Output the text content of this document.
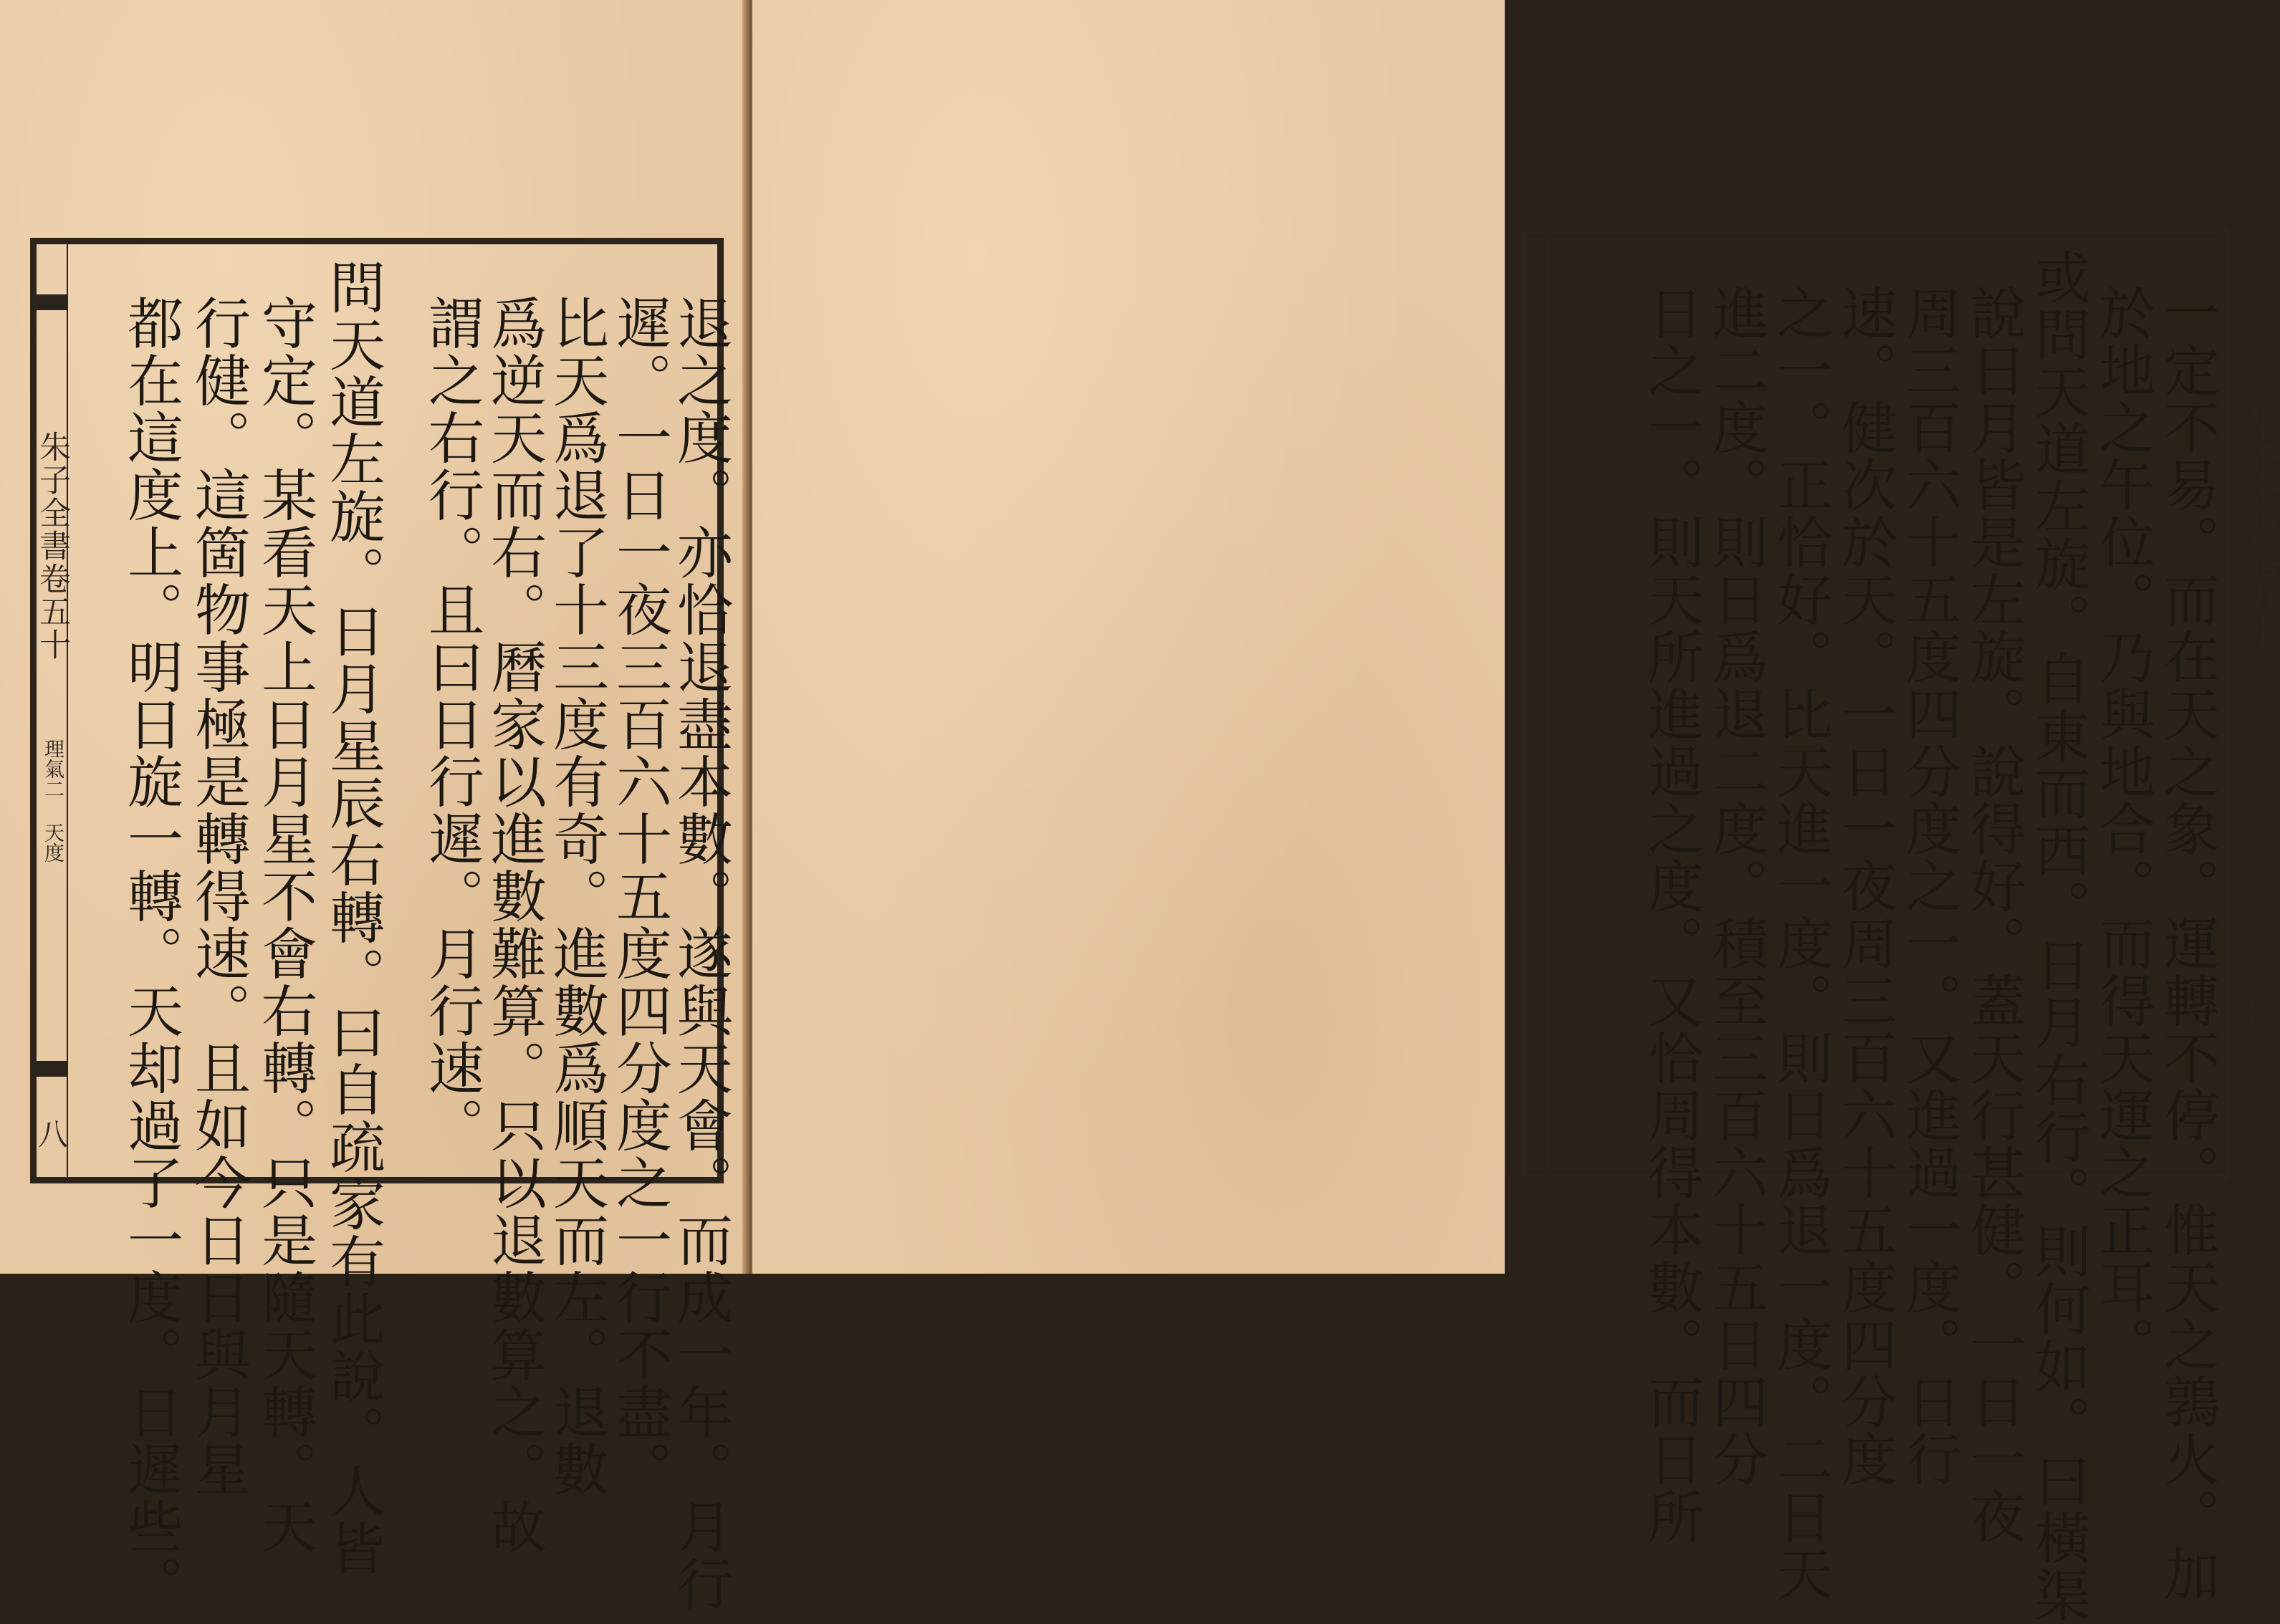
朱子全書卷五十
理氣二 天度
八	退之度。亦恰退盡本數。遂與天會。而成一年。月行
遲。一日一夜三百六十五度四分度之一行不盡。
比天爲退了十三度有奇。進數爲順天而左。退數
爲逆天而右。曆家以進數難算。只以退數算之。故
謂之右行。且曰日行遲。月行速。
問天道左旋。日月星辰右轉。曰自疏家有此說。人皆
守定。某看天上日月星不會右轉。只是隨天轉。天
行健。這箇物事極是轉得速。且如今日日與月星
都在這度上。明日旋一轉。天却過了一度。日遲些。	一定不易。而在天之象。運轉不停。惟天之鶉火。加
於地之午位。乃與地合。而得天運之正耳。
或問天道左旋。自東而西。日月右行。則何如。曰橫渠
說日月皆是左旋。說得好。蓋天行甚健。一日一夜
周三百六十五度四分度之一。又進過一度。日行
速。健次於天。一日一夜周三百六十五度四分度
之一。正恰好。比天進一度。則日爲退一度。二日天
進二度。則日爲退二度。積至三百六十五日四分
日之一。則天所進過之度。又恰周得本數。而日所	朱子全書卷五十
七
